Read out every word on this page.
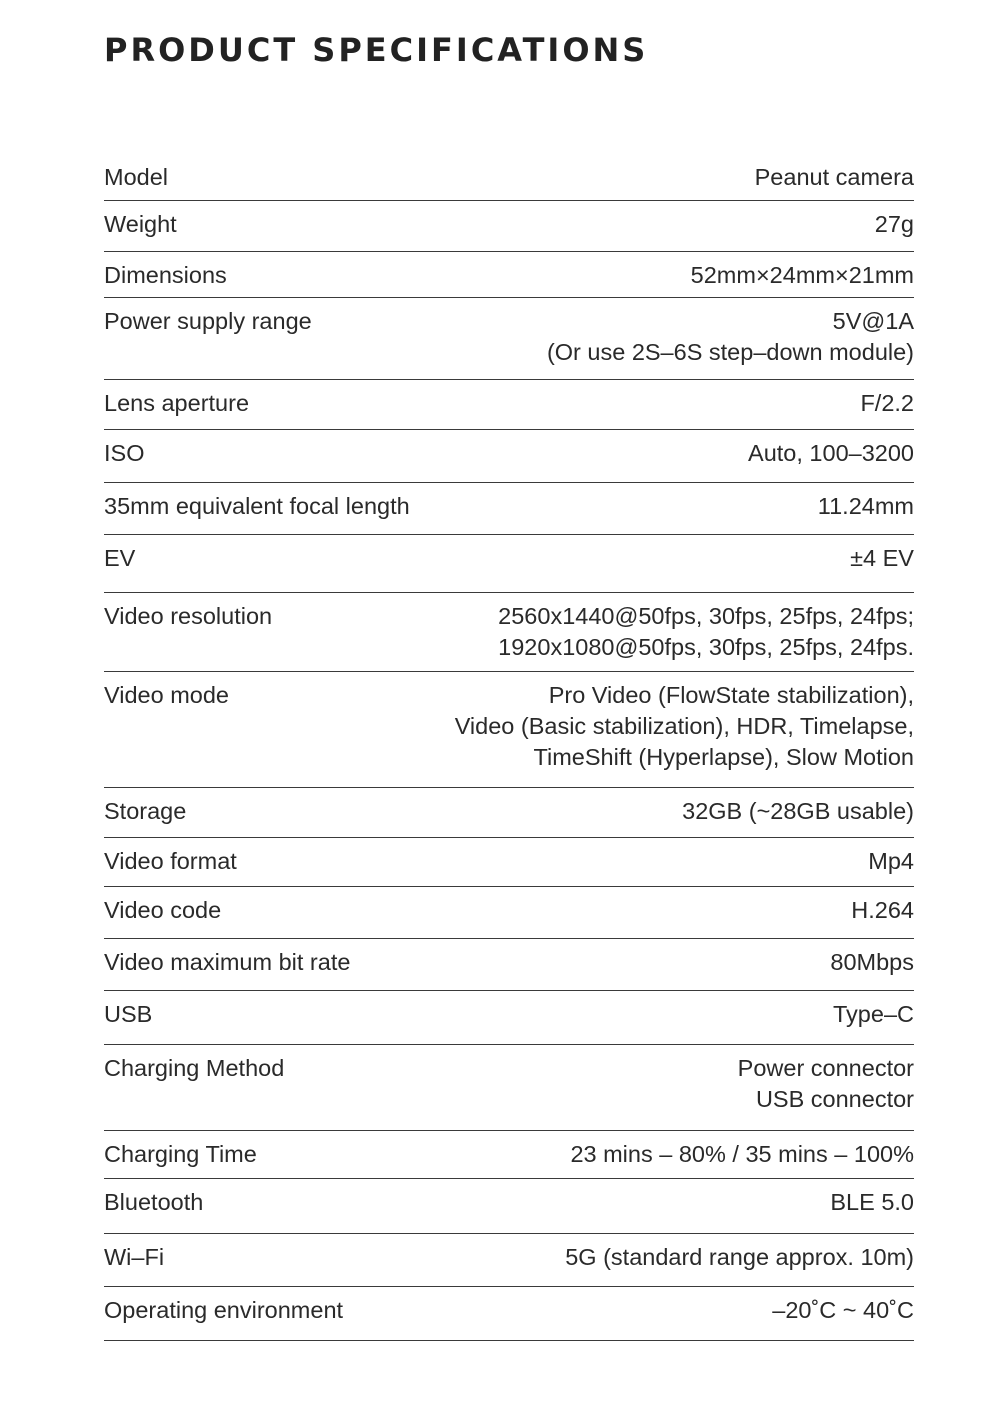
PRODUCT SPECIFICATIONS
Model	Peanut camera
Weight	27g
Dimensions	52mm×24mm×21mm
Power supply range	5V@1A
(Or use 2S–6S step–down module)
Lens aperture	F/2.2
ISO	Auto, 100–3200
35mm equivalent focal length	11.24mm
EV	±4 EV
Video resolution	2560x1440@50fps, 30fps, 25fps, 24fps;
1920x1080@50fps, 30fps, 25fps, 24fps.
Video mode	Pro Video (FlowState stabilization),
Video (Basic stabilization), HDR, Timelapse,
TimeShift (Hyperlapse), Slow Motion
Storage	32GB (~28GB usable)
Video format	Mp4
Video code	H.264
Video maximum bit rate	80Mbps
USB	Type–C
Charging Method	Power connector
USB connector
Charging Time	23 mins – 80% / 35 mins – 100%
Bluetooth	BLE 5.0
Wi–Fi	5G (standard range approx. 10m)
Operating environment	–20˚C ~ 40˚C
